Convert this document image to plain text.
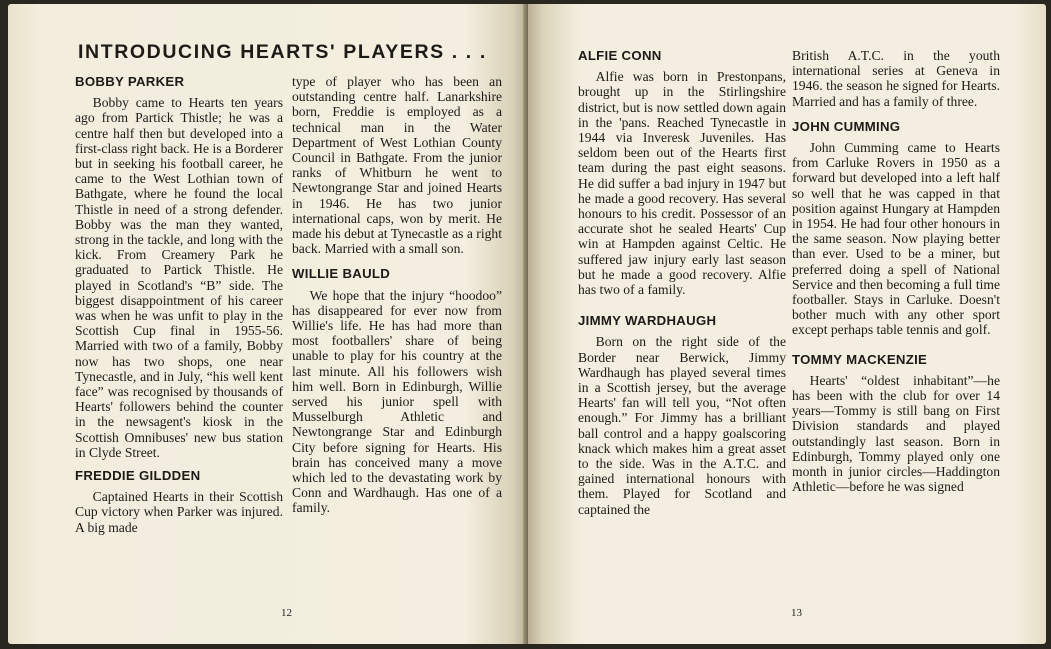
INTRODUCING HEARTS' PLAYERS . . .
BOBBY PARKER

Bobby came to Hearts ten years ago from Partick Thistle; he was a centre half then but developed into a first-class right back. He is a Borderer but in seeking his football career, he came to the West Lothian town of Bathgate, where he found the local Thistle in need of a strong defender. Bobby was the man they wanted, strong in the tackle, and long with the kick. From Creamery Park he graduated to Partick Thistle. He played in Scotland's “B” side. The biggest disappointment of his career was when he was unfit to play in the Scottish Cup final in 1955-56. Married with two of a family, Bobby now has two shops, one near Tynecastle, and in July, “his well kent face” was recognised by thousands of Hearts' followers behind the counter in the newsagent's kiosk in the Scottish Omnibuses' new bus station in Clyde Street.

FREDDIE GILDDEN

Captained Hearts in their Scottish Cup victory when Parker was injured. A big made

type of player who has been an outstanding centre half. Lanarkshire born, Freddie is employed as a technical man in the Water Department of West Lothian County Council in Bathgate. From the junior ranks of Whitburn he went to Newtongrange Star and joined Hearts in 1946. He has two junior international caps, won by merit. He made his debut at Tynecastle as a right back. Married with a small son.

WILLIE BAULD

We hope that the injury “hoodoo” has disappeared for ever now from Willie's life. He has had more than most footballers' share of being unable to play for his country at the last minute. All his followers wish him well. Born in Edinburgh, Willie served his junior spell with Musselburgh Athletic and Newtongrange Star and Edinburgh City before signing for Hearts. His brain has conceived many a move which led to the devastating work by Conn and Wardhaugh. Has one of a family.

12
ALFIE CONN

Alfie was born in Prestonpans, brought up in the Stirlingshire district, but is now settled down again in the 'pans. Reached Tynecastle in 1944 via Inveresk Juveniles. Has seldom been out of the Hearts first team during the past eight seasons. He did suffer a bad injury in 1947 but he made a good recovery. Has several honours to his credit. Possessor of an accurate shot he sealed Hearts' Cup win at Hampden against Celtic. He suffered jaw injury early last season but he made a good recovery. Alfie has two of a family.

JIMMY WARDHAUGH

Born on the right side of the Border near Berwick, Jimmy Wardhaugh has played several times in a Scottish jersey, but the average Hearts' fan will tell you, “Not often enough.” For Jimmy has a brilliant ball control and a happy goalscoring knack which makes him a great asset to the side. Was in the A.T.C. and gained international honours with them. Played for Scotland and captained the

British A.T.C. in the youth international series at Geneva in 1946. the season he signed for Hearts. Married and has a family of three.

JOHN CUMMING

John Cumming came to Hearts from Carluke Rovers in 1950 as a forward but developed into a left half so well that he was capped in that position against Hungary at Hampden in 1954. He had four other honours in the same season. Now playing better than ever. Used to be a miner, but preferred doing a spell of National Service and then becoming a full time footballer. Stays in Carluke. Doesn't bother much with any other sport except perhaps table tennis and golf.

TOMMY MACKENZIE

Hearts' “oldest inhabitant”—he has been with the club for over 14 years—Tommy is still bang on First Division standards and played outstandingly last season. Born in Edinburgh, Tommy played only one month in junior circles—Haddington Athletic—before he was signed

13
